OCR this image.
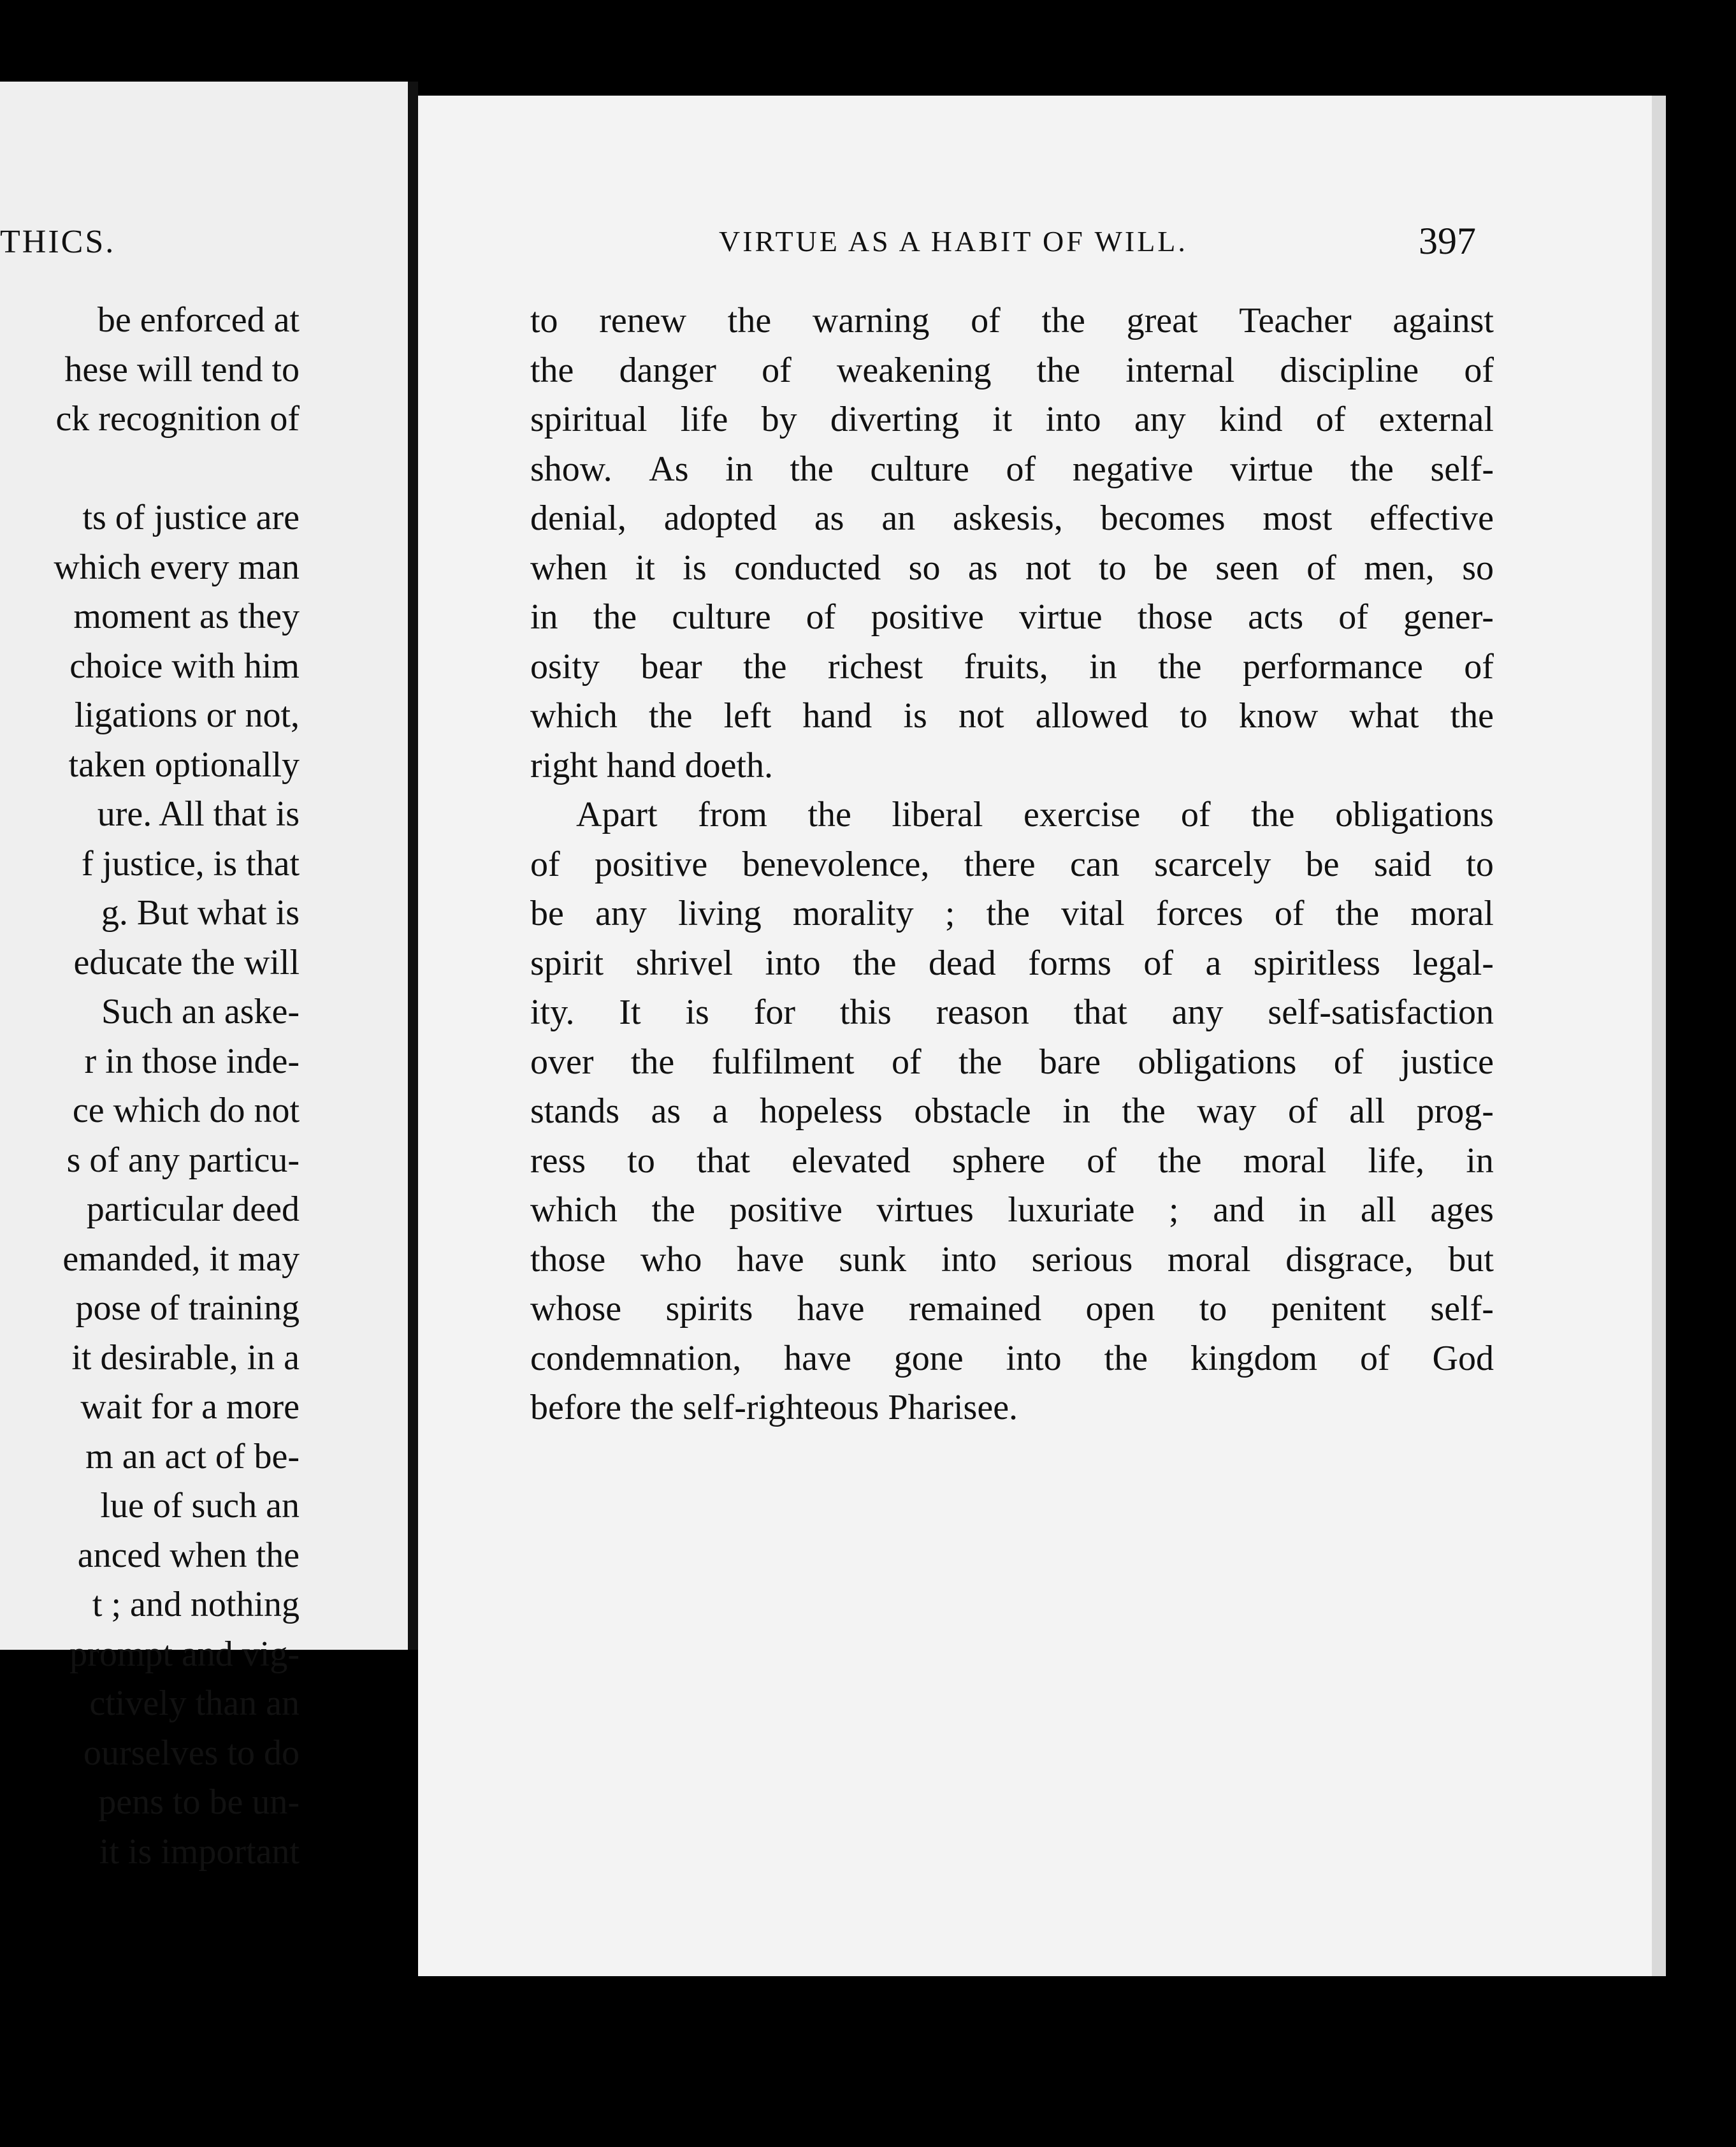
THICS.
be enforced at
hese will tend to
ck recognition of

ts of justice are
which every man
moment as they
choice with him
ligations or not,
taken optionally
ure. All that is
f justice, is that
g. But what is
educate the will
Such an aske-
r in those inde-
ce which do not
s of any particu-
particular deed
emanded, it may
pose of training
it desirable, in a
wait for a more
m an act of be-
lue of such an
anced when the
t ; and nothing
prompt and vig-
ctively than an
ourselves to do
pens to be un-
it is important
VIRTUE AS A HABIT OF WILL.	397
to renew the warning of the great Teacher against
the danger of weakening the internal discipline of
spiritual life by diverting it into any kind of external
show. As in the culture of negative virtue the self-
denial, adopted as an askesis, becomes most effective
when it is conducted so as not to be seen of men, so
in the culture of positive virtue those acts of gener-
osity bear the richest fruits, in the performance of
which the left hand is not allowed to know what the
right hand doeth.
Apart from the liberal exercise of the obligations
of positive benevolence, there can scarcely be said to
be any living morality ; the vital forces of the moral
spirit shrivel into the dead forms of a spiritless legal-
ity. It is for this reason that any self-satisfaction
over the fulfilment of the bare obligations of justice
stands as a hopeless obstacle in the way of all prog-
ress to that elevated sphere of the moral life, in
which the positive virtues luxuriate ; and in all ages
those who have sunk into serious moral disgrace, but
whose spirits have remained open to penitent self-
condemnation, have gone into the kingdom of God
before the self-righteous Pharisee.
